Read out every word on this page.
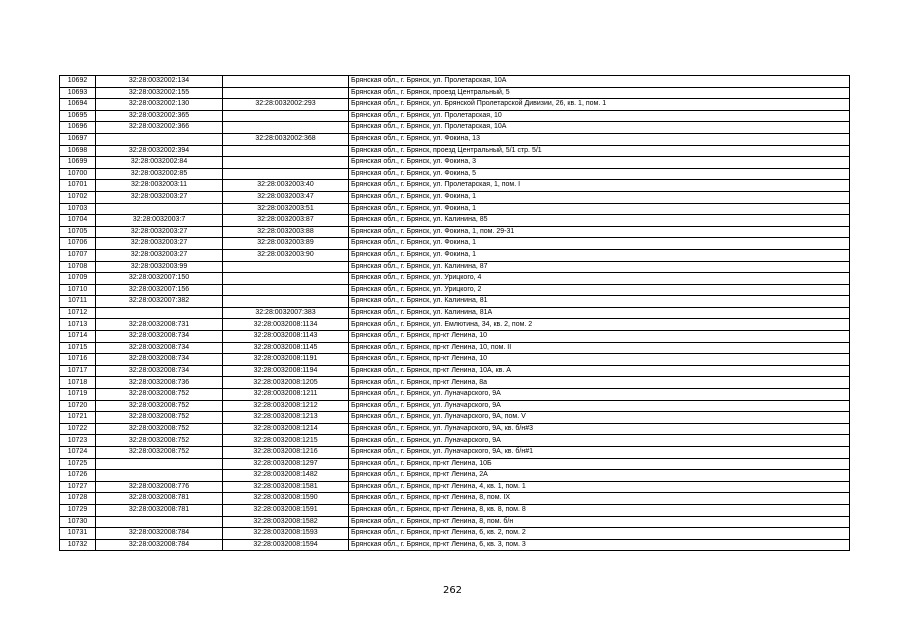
10692	32:28:0032002:134		Брянская обл., г. Брянск, ул. Пролетарская, 10А
10693	32:28:0032002:155		Брянская обл., г. Брянск, проезд Центральный, 5
10694	32:28:0032002:130	32:28:0032002:293	Брянская обл., г. Брянск, ул. Брянской Пролетарской Дивизии, 26, кв. 1, пом. 1
10695	32:28:0032002:365		Брянская обл., г. Брянск, ул. Пролетарская, 10
10696	32:28:0032002:366		Брянская обл., г. Брянск, ул. Пролетарская, 10А
10697		32:28:0032002:368	Брянская обл., г. Брянск, ул. Фокина, 13
10698	32:28:0032002:394		Брянская обл., г. Брянск, проезд Центральный, 5/1 стр. 5/1
10699	32:28:0032002:84		Брянская обл., г. Брянск, ул. Фокина, 3
10700	32:28:0032002:85		Брянская обл., г. Брянск, ул. Фокина, 5
10701	32:28:0032003:11	32:28:0032003:40	Брянская обл., г. Брянск, ул. Пролетарская, 1, пом. I
10702	32:28:0032003:27	32:28:0032003:47	Брянская обл., г. Брянск, ул. Фокина, 1
10703		32:28:0032003:51	Брянская обл., г. Брянск, ул. Фокина, 1
10704	32:28:0032003:7	32:28:0032003:87	Брянская обл., г. Брянск, ул. Калинина, 85
10705	32:28:0032003:27	32:28:0032003:88	Брянская обл., г. Брянск, ул. Фокина, 1, пом. 29-31
10706	32:28:0032003:27	32:28:0032003:89	Брянская обл., г. Брянск, ул. Фокина, 1
10707	32:28:0032003:27	32:28:0032003:90	Брянская обл., г. Брянск, ул. Фокина, 1
10708	32:28:0032003:99		Брянская обл., г. Брянск, ул. Калинина, 87
10709	32:28:0032007:150		Брянская обл., г. Брянск, ул. Урицкого, 4
10710	32:28:0032007:156		Брянская обл., г. Брянск, ул. Урицкого, 2
10711	32:28:0032007:382		Брянская обл., г. Брянск, ул. Калинина, 81
10712		32:28:0032007:383	Брянская обл., г. Брянск, ул. Калинина, 81А
10713	32:28:0032008:731	32:28:0032008:1134	Брянская обл., г. Брянск, ул. Емлютина, 34, кв. 2, пом. 2
10714	32:28:0032008:734	32:28:0032008:1143	Брянская обл., г. Брянск, пр-кт Ленина, 10
10715	32:28:0032008:734	32:28:0032008:1145	Брянская обл., г. Брянск, пр-кт Ленина, 10, пом. II
10716	32:28:0032008:734	32:28:0032008:1191	Брянская обл., г. Брянск, пр-кт Ленина, 10
10717	32:28:0032008:734	32:28:0032008:1194	Брянская обл., г. Брянск, пр-кт Ленина, 10А, кв. А
10718	32:28:0032008:736	32:28:0032008:1205	Брянская обл., г. Брянск, пр-кт Ленина, 8а
10719	32:28:0032008:752	32:28:0032008:1211	Брянская обл., г. Брянск, ул. Луначарского, 9А
10720	32:28:0032008:752	32:28:0032008:1212	Брянская обл., г. Брянск, ул. Луначарского, 9А
10721	32:28:0032008:752	32:28:0032008:1213	Брянская обл., г. Брянск, ул. Луначарского, 9А, пом. V
10722	32:28:0032008:752	32:28:0032008:1214	Брянская обл., г. Брянск, ул. Луначарского, 9А, кв. б/н#3
10723	32:28:0032008:752	32:28:0032008:1215	Брянская обл., г. Брянск, ул. Луначарского, 9А
10724	32:28:0032008:752	32:28:0032008:1216	Брянская обл., г. Брянск, ул. Луначарского, 9А, кв. б/н#1
10725		32:28:0032008:1297	Брянская обл., г. Брянск, пр-кт Ленина, 10Б
10726		32:28:0032008:1482	Брянская обл., г. Брянск, пр-кт Ленина, 2А
10727	32:28:0032008:776	32:28:0032008:1581	Брянская обл., г. Брянск, пр-кт Ленина, 4, кв. 1, пом. 1
10728	32:28:0032008:781	32:28:0032008:1590	Брянская обл., г. Брянск, пр-кт Ленина, 8, пом. IX
10729	32:28:0032008:781	32:28:0032008:1591	Брянская обл., г. Брянск, пр-кт Ленина, 8, кв. 8, пом. 8
10730		32:28:0032008:1582	Брянская обл., г. Брянск, пр-кт Ленина, 8, пом. б/н
10731	32:28:0032008:784	32:28:0032008:1593	Брянская обл., г. Брянск, пр-кт Ленина, 6, кв. 2, пом. 2
10732	32:28:0032008:784	32:28:0032008:1594	Брянская обл., г. Брянск, пр-кт Ленина, 6, кв. 3, пом. 3
262
